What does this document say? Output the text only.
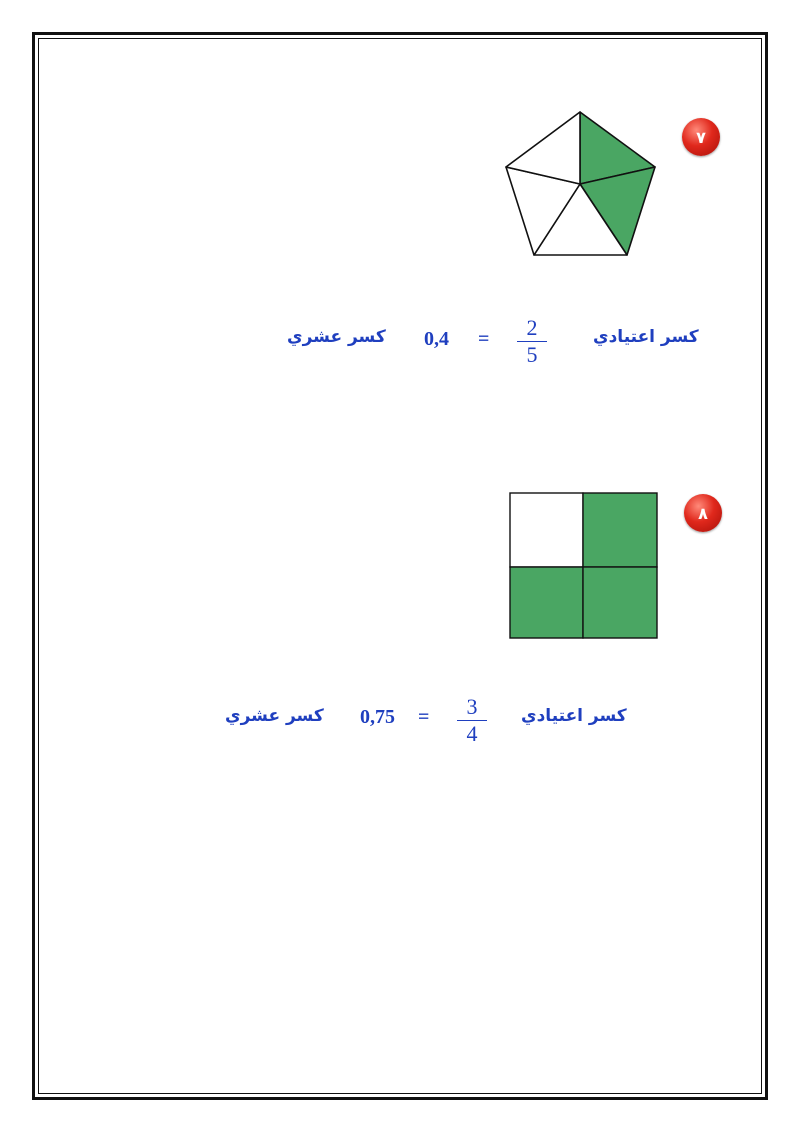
٧
كسر اعتيادي
2
5
=
0,4
كسر عشري
٨
كسر اعتيادي
3
4
=
0,75
كسر عشري
